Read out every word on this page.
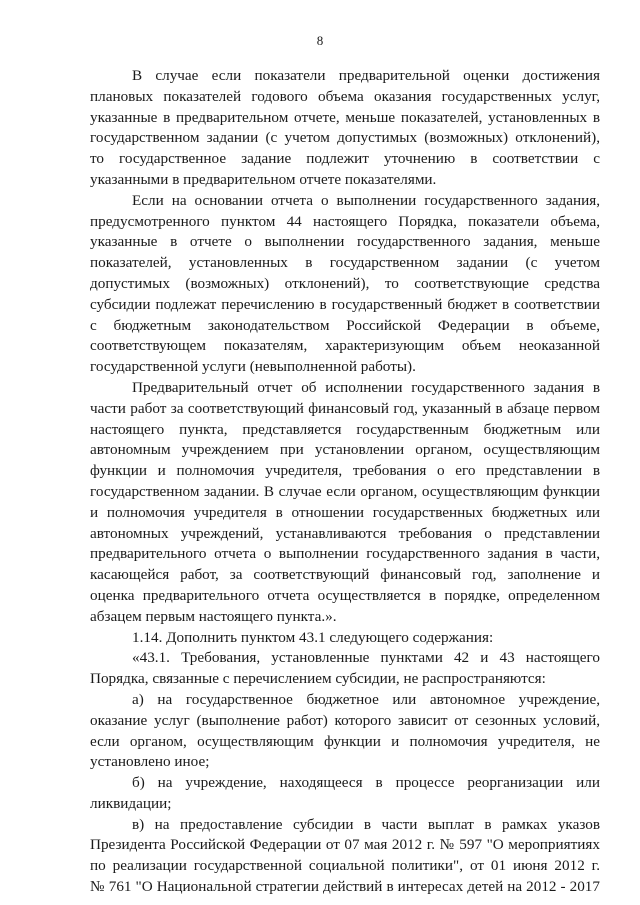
8
В случае если показатели предварительной оценки достижения
плановых показателей годового объема оказания государственных услуг,
указанные в предварительном отчете, меньше показателей, установленных в
государственном задании (с учетом допустимых (возможных) отклонений),
то государственное задание подлежит уточнению в соответствии с
указанными в предварительном отчете показателями.
Если на основании отчета о выполнении государственного задания,
предусмотренного пунктом 44 настоящего Порядка, показатели объема,
указанные в отчете о выполнении государственного задания, меньше
показателей, установленных в государственном задании (с учетом
допустимых (возможных) отклонений), то соответствующие средства
субсидии подлежат перечислению в государственный бюджет в соответствии
с бюджетным законодательством Российской Федерации в объеме,
соответствующем показателям, характеризующим объем неоказанной
государственной услуги (невыполненной работы).
Предварительный отчет об исполнении государственного задания в
части работ за соответствующий финансовый год, указанный в абзаце первом
настоящего пункта, представляется государственным бюджетным или
автономным учреждением при установлении органом, осуществляющим
функции и полномочия учредителя, требования о его представлении в
государственном задании. В случае если органом, осуществляющим функции
и полномочия учредителя в отношении государственных бюджетных или
автономных учреждений, устанавливаются требования о представлении
предварительного отчета о выполнении государственного задания в части,
касающейся работ, за соответствующий финансовый год, заполнение и
оценка предварительного отчета осуществляется в порядке, определенном
абзацем первым настоящего пункта.».
1.14. Дополнить пунктом 43.1 следующего содержания:
«43.1. Требования, установленные пунктами 42 и 43 настоящего
Порядка, связанные с перечислением субсидии, не распространяются:
а) на государственное бюджетное или автономное учреждение,
оказание услуг (выполнение работ) которого зависит от сезонных условий,
если органом, осуществляющим функции и полномочия учредителя, не
установлено иное;
б) на учреждение, находящееся в процессе реорганизации или
ликвидации;
в) на предоставление субсидии в части выплат в рамках указов
Президента Российской Федерации от 07 мая 2012 г. № 597 "О мероприятиях
по реализации государственной социальной политики", от 01 июня 2012 г.
№ 761 "О Национальной стратегии действий в интересах детей на 2012 - 2017
